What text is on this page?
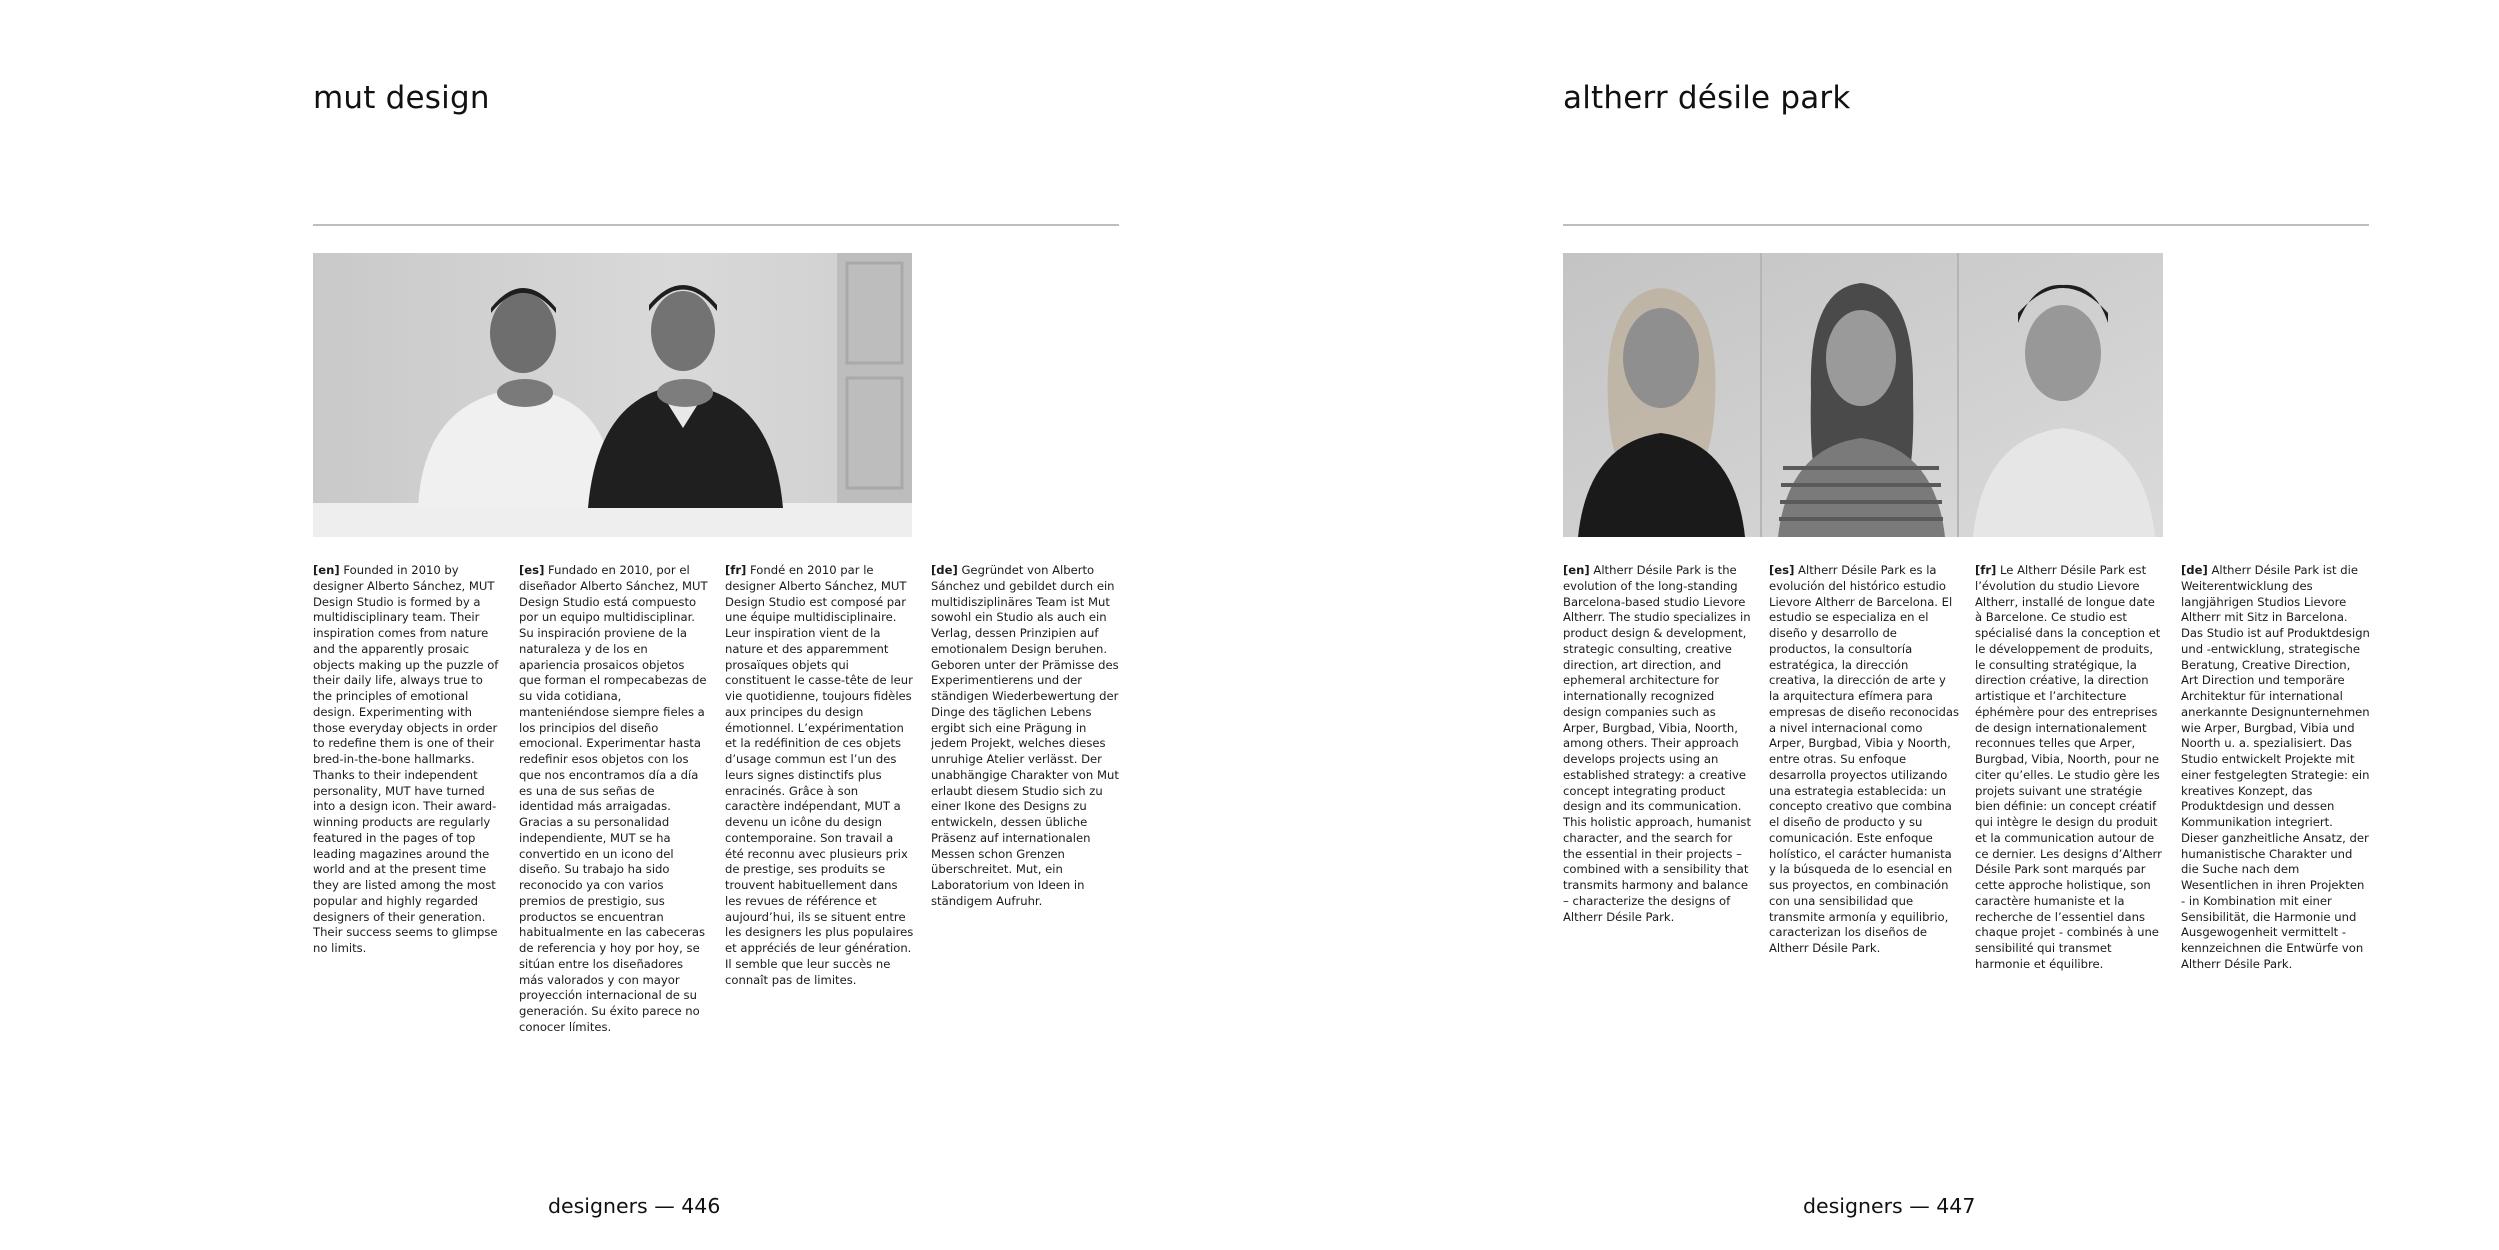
mut design
[en] Founded in 2010 by designer Alberto Sánchez, MUT Design Studio is formed by a multidisciplinary team. Their inspiration comes from nature and the apparently prosaic objects making up the puzzle of their daily life, always true to the principles of emotional design. Experimenting with those everyday objects in order to redefine them is one of their bred-in-the-bone hallmarks. Thanks to their independent personality, MUT have turned into a design icon. Their award-winning products are regularly featured in the pages of top leading magazines around the world and at the present time they are listed among the most popular and highly regarded designers of their generation. Their success seems to glimpse no limits.
[es] Fundado en 2010, por el diseñador Alberto Sánchez, MUT Design Studio está compuesto por un equipo multidisciplinar. Su inspiración proviene de la naturaleza y de los en apariencia prosaicos objetos que forman el rompecabezas de su vida cotidiana, manteniéndose siempre fieles a los principios del diseño emocional. Experimentar hasta redefinir esos objetos con los que nos encontramos día a día es una de sus señas de identidad más arraigadas. Gracias a su personalidad independiente, MUT se ha convertido en un icono del diseño. Su trabajo ha sido reconocido ya con varios premios de prestigio, sus productos se encuentran habitualmente en las cabeceras de referencia y hoy por hoy, se sitúan entre los diseñadores más valorados y con mayor proyección internacional de su generación. Su éxito parece no conocer límites.
[fr] Fondé en 2010 par le designer Alberto Sánchez, MUT Design Studio est composé par une équipe multidisciplinaire. Leur inspiration vient de la nature et des apparemment prosaïques objets qui constituent le casse-tête de leur vie quotidienne, toujours fidèles aux principes du design émotionnel. L’expérimentation et la redéfinition de ces objets d’usage commun est l’un des leurs signes distinctifs plus enracinés. Grâce à son caractère indépendant, MUT a devenu un icône du design contemporaine. Son travail a été reconnu avec plusieurs prix de prestige, ses produits se trouvent habituellement dans les revues de référence et aujourd’hui, ils se situent entre les designers les plus populaires et appréciés de leur génération. Il semble que leur succès ne connaît pas de limites.
[de] Gegründet von Alberto Sánchez und gebildet durch ein multidisziplinäres Team ist Mut sowohl ein Studio als auch ein Verlag, dessen Prinzipien auf emotionalem Design beruhen. Geboren unter der Prämisse des Experimentierens und der ständigen Wiederbewertung der Dinge des täglichen Lebens ergibt sich eine Prägung in jedem Projekt, welches dieses unruhige Atelier verlässt. Der unabhängige Charakter von Mut erlaubt diesem Studio sich zu einer Ikone des Designs zu entwickeln, dessen übliche Präsenz auf internationalen Messen schon Grenzen überschreitet. Mut, ein Laboratorium von Ideen in ständigem Aufruhr.

designers — 446

altherr désile park
[en] Altherr Désile Park is the evolution of the long-standing Barcelona-based studio Lievore Altherr. The studio specializes in product design & development, strategic consulting, creative direction, art direction, and ephemeral architecture for internationally recognized design companies such as Arper, Burgbad, Vibia, Noorth, among others. Their approach develops projects using an established strategy: a creative concept integrating product design and its communication. This holistic approach, humanist character, and the search for the essential in their projects – combined with a sensibility that transmits harmony and balance – characterize the designs of Altherr Désile Park.
[es] Altherr Désile Park es la evolución del histórico estudio Lievore Altherr de Barcelona. El estudio se especializa en el diseño y desarrollo de productos, la consultoría estratégica, la dirección creativa, la dirección de arte y la arquitectura efímera para empresas de diseño reconocidas a nivel internacional como Arper, Burgbad, Vibia y Noorth, entre otras. Su enfoque desarrolla proyectos utilizando una estrategia establecida: un concepto creativo que combina el diseño de producto y su comunicación. Este enfoque holístico, el carácter humanista y la búsqueda de lo esencial en sus proyectos, en combinación con una sensibilidad que transmite armonía y equilibrio, caracterizan los diseños de Altherr Désile Park.
[fr] Le Altherr Désile Park est l’évolution du studio Lievore Altherr, installé de longue date à Barcelone. Ce studio est spécialisé dans la conception et le développement de produits, le consulting stratégique, la direction créative, la direction artistique et l’architecture éphémère pour des entreprises de design internationalement reconnues telles que Arper, Burgbad, Vibia, Noorth, pour ne citer qu’elles. Le studio gère les projets suivant une stratégie bien définie: un concept créatif qui intègre le design du produit et la communication autour de ce dernier. Les designs d’Altherr Désile Park sont marqués par cette approche holistique, son caractère humaniste et la recherche de l’essentiel dans chaque projet - combinés à une sensibilité qui transmet harmonie et équilibre.
[de] Altherr Désile Park ist die Weiterentwicklung des langjährigen Studios Lievore Altherr mit Sitz in Barcelona. Das Studio ist auf Produktdesign und -entwicklung, strategische Beratung, Creative Direction, Art Direction und temporäre Architektur für international anerkannte Designunternehmen wie Arper, Burgbad, Vibia und Noorth u. a. spezialisiert. Das Studio entwickelt Projekte mit einer festgelegten Strategie: ein kreatives Konzept, das Produktdesign und dessen Kommunikation integriert. Dieser ganzheitliche Ansatz, der humanistische Charakter und die Suche nach dem Wesentlichen in ihren Projekten - in Kombination mit einer Sensibilität, die Harmonie und Ausgewogenheit vermittelt - kennzeichnen die Entwürfe von Altherr Désile Park.

designers — 447
